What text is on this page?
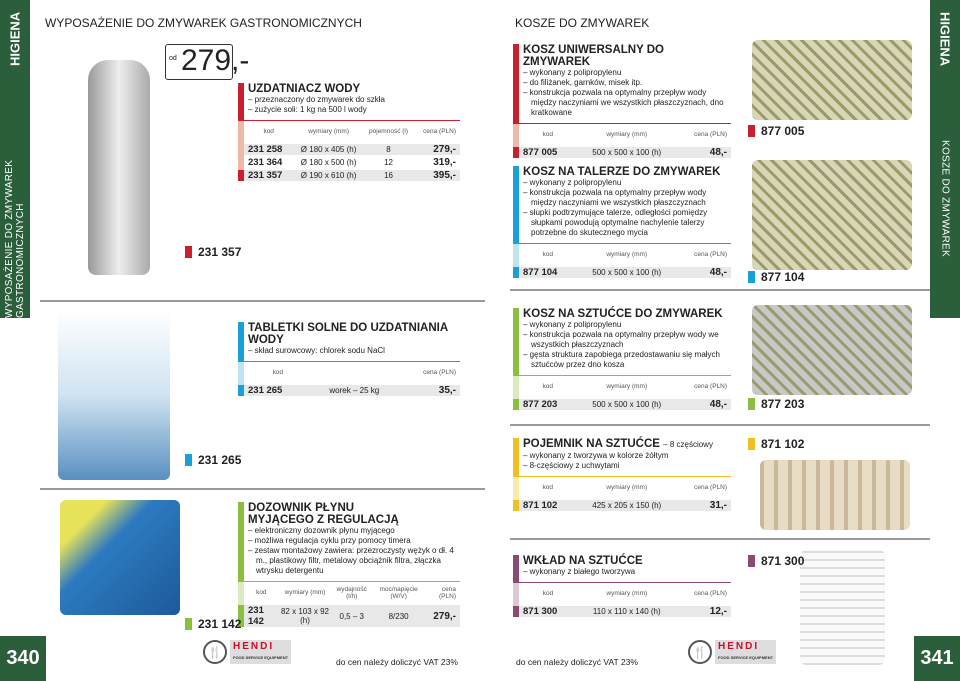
HIGIENA
WYPOSAŻENIE DO ZMYWAREK GASTRONOMICZNYCH
HIGIENA
KOSZE DO ZMYWAREK
340	341
WYPOSAŻENIE DO ZMYWAREK GASTRONOMICZNYCH	KOSZE DO ZMYWAREK
od 279,-
UZDATNIACZ WODY
– przeznaczony do zmywarek do szkła
– zużycie soli: 1 kg na 500 l wody
kod	wymiary (mm)	pojemność (l)	cena (PLN)
231 258	Ø 180 x 405 (h)	8	279,-
231 364	Ø 180 x 500 (h)	12	319,-
231 357	Ø 190 x 610 (h)	16	395,-
231 357
TABLETKI SOLNE DO UZDATNIANIA WODY
– skład surowcowy: chlorek sodu NaCl
kod		cena (PLN)
231 265	worek – 25 kg	35,-
231 265
DOZOWNIK PŁYNU MYJĄCEGO Z REGULACJĄ
– elektroniczny dozownik płynu myjącego
– możliwa regulacja cyklu przy pomocy timera
– zestaw montażowy zawiera: przezroczysty wężyk o dł. 4 m., plastikowy filtr, metalowy obciążnik filtra, złączka wtrysku detergentu
kod	wymiary (mm)	wydajność (l/h)	moc/napięcie (W/V)	cena (PLN)
231 142	82 x 103 x 92 (h)	0,5 – 3	8/230	279,-
231 142
KOSZ UNIWERSALNY DO ZMYWAREK
– wykonany z polipropylenu
– do filiżanek, garnków, misek itp.
– konstrukcja pozwala na optymalny przepływ wody między naczyniami we wszystkich płaszczyznach, dno kratkowane
kod	wymiary (mm)	cena (PLN)
877 005	500 x 500 x 100 (h)	48,-
877 005
KOSZ NA TALERZE DO ZMYWAREK
– wykonany z polipropylenu
– konstrukcja pozwala na optymalny przepływ wody między naczyniami we wszystkich płaszczyznach
– słupki podtrzymujące talerze, odległości pomiędzy słupkami powodują optymalne nachylenie talerzy potrzebne do skutecznego mycia
kod	wymiary (mm)	cena (PLN)
877 104	500 x 500 x 100 (h)	48,-	877 104
KOSZ NA SZTUĆCE DO ZMYWAREK
– wykonany z polipropylenu
– konstrukcja pozwala na optymalny przepływ wody we wszystkich płaszczyznach
– gęsta struktura zapobiega przedostawaniu się małych sztućców przez dno kosza
kod	wymiary (mm)	cena (PLN)
877 203	500 x 500 x 100 (h)	48,-	877 203
POJEMNIK NA SZTUĆCE – 8 częściowy
– wykonany z tworzywa w kolorze żółtym
– 8-częściowy z uchwytami
kod	wymiary (mm)	cena (PLN)
871 102	425 x 205 x 150 (h)	31,-
871 102
WKŁAD NA SZTUĆCE
– wykonany z białego tworzywa
kod	wymiary (mm)	cena (PLN)
871 300	110 x 110 x 140 (h)	12,-
871 300
🍴	HENDI
FOOD SERVICE EQUIPMENT	do cen należy doliczyć VAT 23%	do cen należy doliczyć VAT 23%
🍴	HENDI
FOOD SERVICE EQUIPMENT
